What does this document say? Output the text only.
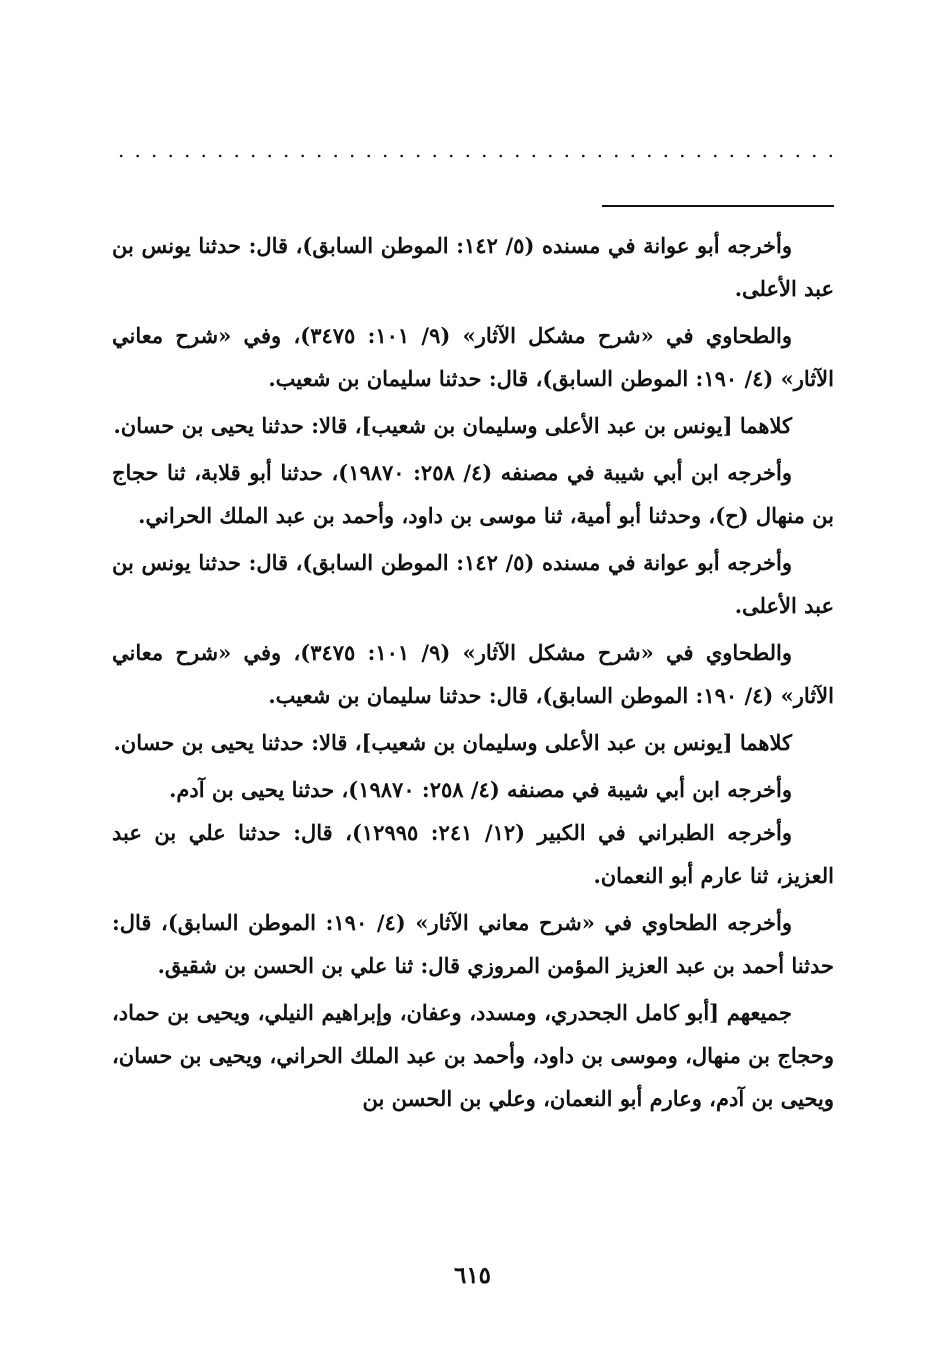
. . . . . . . . . . . . . . . . . . . . . . . . . . . . . . . . . . . . . . . . . . . .

وأخرجه أبو عوانة في مسنده (٥/ ١٤٢: الموطن السابق)، قال: حدثنا يونس بن عبد الأعلى.

والطحاوي في «شرح مشكل الآثار» (٩/ ١٠١: ٣٤٧٥)، وفي «شرح معاني الآثار» (٤/ ١٩٠: الموطن السابق)، قال: حدثنا سليمان بن شعيب.

كلاهما [يونس بن عبد الأعلى وسليمان بن شعيب]، قالا: حدثنا يحيى بن حسان.

وأخرجه ابن أبي شيبة في مصنفه (٤/ ٢٥٨: ١٩٨٧٠)، حدثنا أبو قلابة، ثنا حجاج بن منهال (ح)، وحدثنا أبو أمية، ثنا موسى بن داود، وأحمد بن عبد الملك الحراني.

وأخرجه أبو عوانة في مسنده (٥/ ١٤٢: الموطن السابق)، قال: حدثنا يونس بن عبد الأعلى.

والطحاوي في «شرح مشكل الآثار» (٩/ ١٠١: ٣٤٧٥)، وفي «شرح معاني الآثار» (٤/ ١٩٠: الموطن السابق)، قال: حدثنا سليمان بن شعيب.

كلاهما [يونس بن عبد الأعلى وسليمان بن شعيب]، قالا: حدثنا يحيى بن حسان.

وأخرجه ابن أبي شيبة في مصنفه (٤/ ٢٥٨: ١٩٨٧٠)، حدثنا يحيى بن آدم.

وأخرجه الطبراني في الكبير (١٢/ ٢٤١: ١٢٩٩٥)، قال: حدثنا علي بن عبد العزيز، ثنا عارم أبو النعمان.

وأخرجه الطحاوي في «شرح معاني الآثار» (٤/ ١٩٠: الموطن السابق)، قال: حدثنا أحمد بن عبد العزيز المؤمن المروزي قال: ثنا علي بن الحسن بن شقيق.

جميعهم [أبو كامل الجحدري، ومسدد، وعفان، وإبراهيم النيلي، ويحيى بن حماد، وحجاج بن منهال، وموسى بن داود، وأحمد بن عبد الملك الحراني، ويحيى بن حسان، ويحيى بن آدم، وعارم أبو النعمان، وعلي بن الحسن بن

٦١٥
